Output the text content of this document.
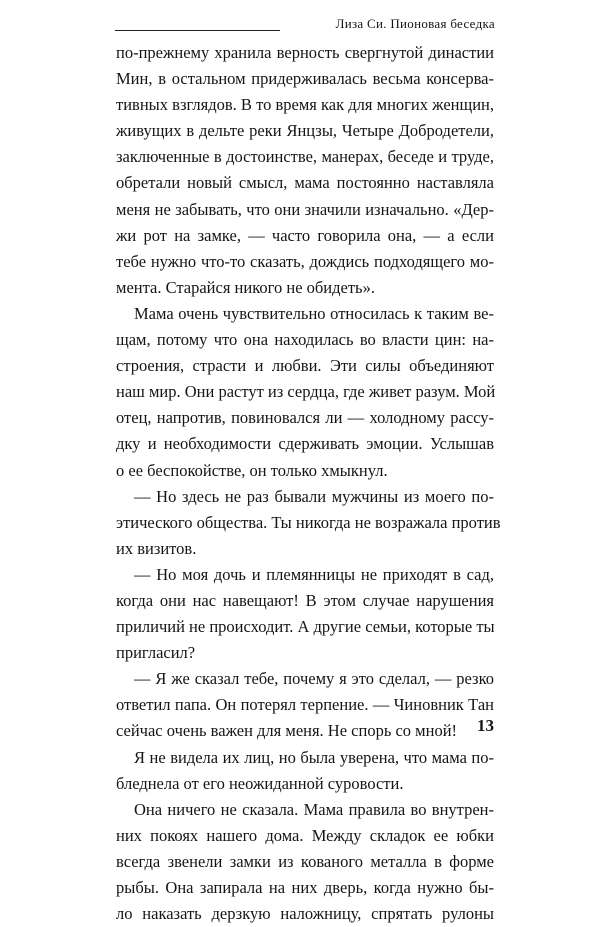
Лиза Си. Пионовая беседка
по-прежнему хранила верность свергнутой династии
Мин, в остальном придерживалась весьма консерва-
тивных взглядов. В то время как для многих женщин,
живущих в дельте реки Янцзы, Четыре Добродетели,
заключенные в достоинстве, манерах, беседе и труде,
обретали новый смысл, мама постоянно наставляла
меня не забывать, что они значили изначально. «Дер-
жи рот на замке, — часто говорила она, — а если
тебе нужно что-то сказать, дождись подходящего мо-
мента. Старайся никого не обидеть».
Мама очень чувствительно относилась к таким ве-
щам, потому что она находилась во власти цин: на-
строения, страсти и любви. Эти силы объединяют
наш мир. Они растут из сердца, где живет разум. Мой
отец, напротив, повиновался ли — холодному рассу-
дку и необходимости сдерживать эмоции. Услышав
о ее беспокойстве, он только хмыкнул.
— Но здесь не раз бывали мужчины из моего по-
этического общества. Ты никогда не возражала против
их визитов.
— Но моя дочь и племянницы не приходят в сад,
когда они нас навещают! В этом случае нарушения
приличий не происходит. А другие семьи, которые ты
пригласил?
— Я же сказал тебе, почему я это сделал, — резко
ответил папа. Он потерял терпение. — Чиновник Тан
сейчас очень важен для меня. Не спорь со мной!
Я не видела их лиц, но была уверена, что мама по-
бледнела от его неожиданной суровости.
Она ничего не сказала. Мама правила во внутрен-
них покоях нашего дома. Между складок ее юбки
всегда звенели замки из кованого металла в форме
рыбы. Она запирала на них дверь, когда нужно бы-
ло наказать дерзкую наложницу, спрятать рулоны
13
